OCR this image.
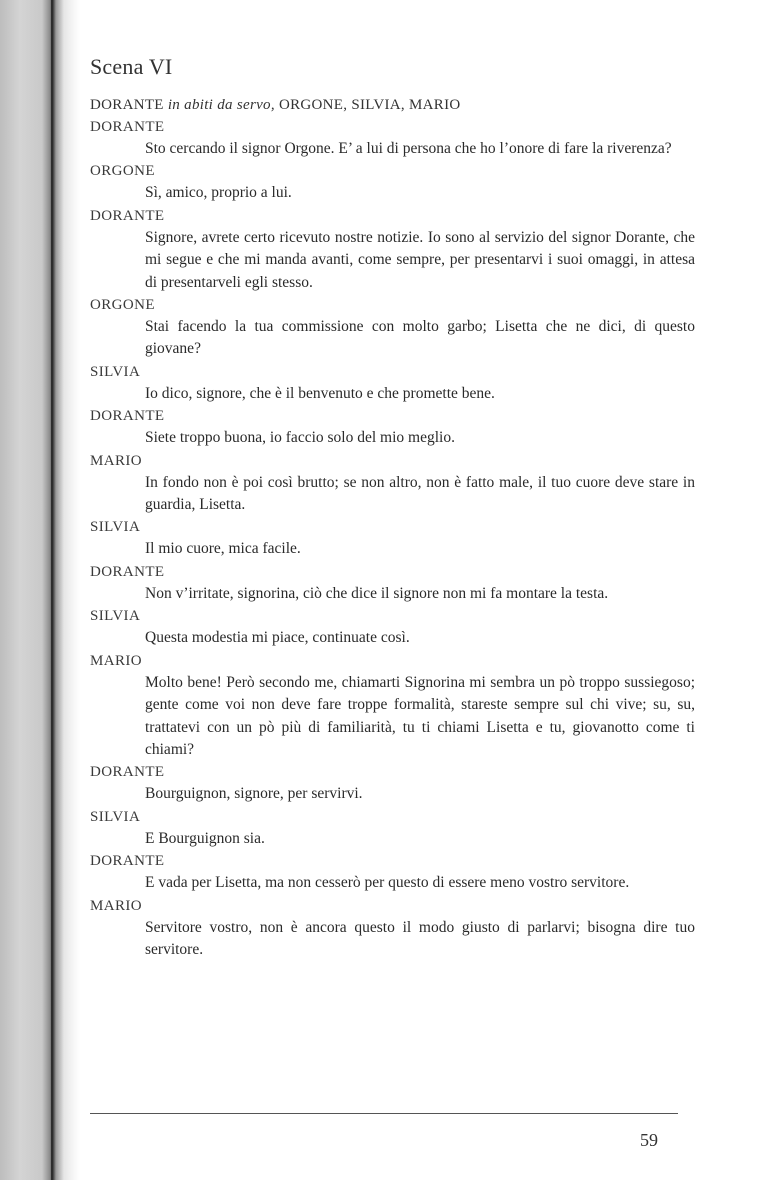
Scena VI
DORANTE in abiti da servo, ORGONE, SILVIA, MARIO
DORANTE
Sto cercando il signor Orgone. E’ a lui di persona che ho l’onore di fare la riverenza?
ORGONE
Sì, amico, proprio a lui.
DORANTE
Signore, avrete certo ricevuto nostre notizie. Io sono al servizio del signor Dorante, che mi segue e che mi manda avanti, come sempre, per presentarvi i suoi omaggi, in attesa di presentarveli egli stesso.
ORGONE
Stai facendo la tua commissione con molto garbo; Lisetta che ne dici, di questo giovane?
SILVIA
Io dico, signore, che è il benvenuto e che promette bene.
DORANTE
Siete troppo buona, io faccio solo del mio meglio.
MARIO
In fondo non è poi così brutto; se non altro, non è fatto male, il tuo cuore deve stare in guardia, Lisetta.
SILVIA
Il mio cuore, mica facile.
DORANTE
Non v’irritate, signorina, ciò che dice il signore non mi fa montare la testa.
SILVIA
Questa modestia mi piace, continuate così.
MARIO
Molto bene! Però secondo me, chiamarti Signorina mi sembra un pò troppo sussiegoso; gente come voi non deve fare troppe formalità, stareste sempre sul chi vive; su, su, trattatevi con un pò più di familiarità, tu ti chiami Lisetta e tu, giovanotto come ti chiami?
DORANTE
Bourguignon, signore, per servirvi.
SILVIA
E Bourguignon sia.
DORANTE
E vada per Lisetta, ma non cesserò per questo di essere meno vostro servitore.
MARIO
Servitore vostro, non è ancora questo il modo giusto di parlarvi; bisogna dire tuo servitore.
59
